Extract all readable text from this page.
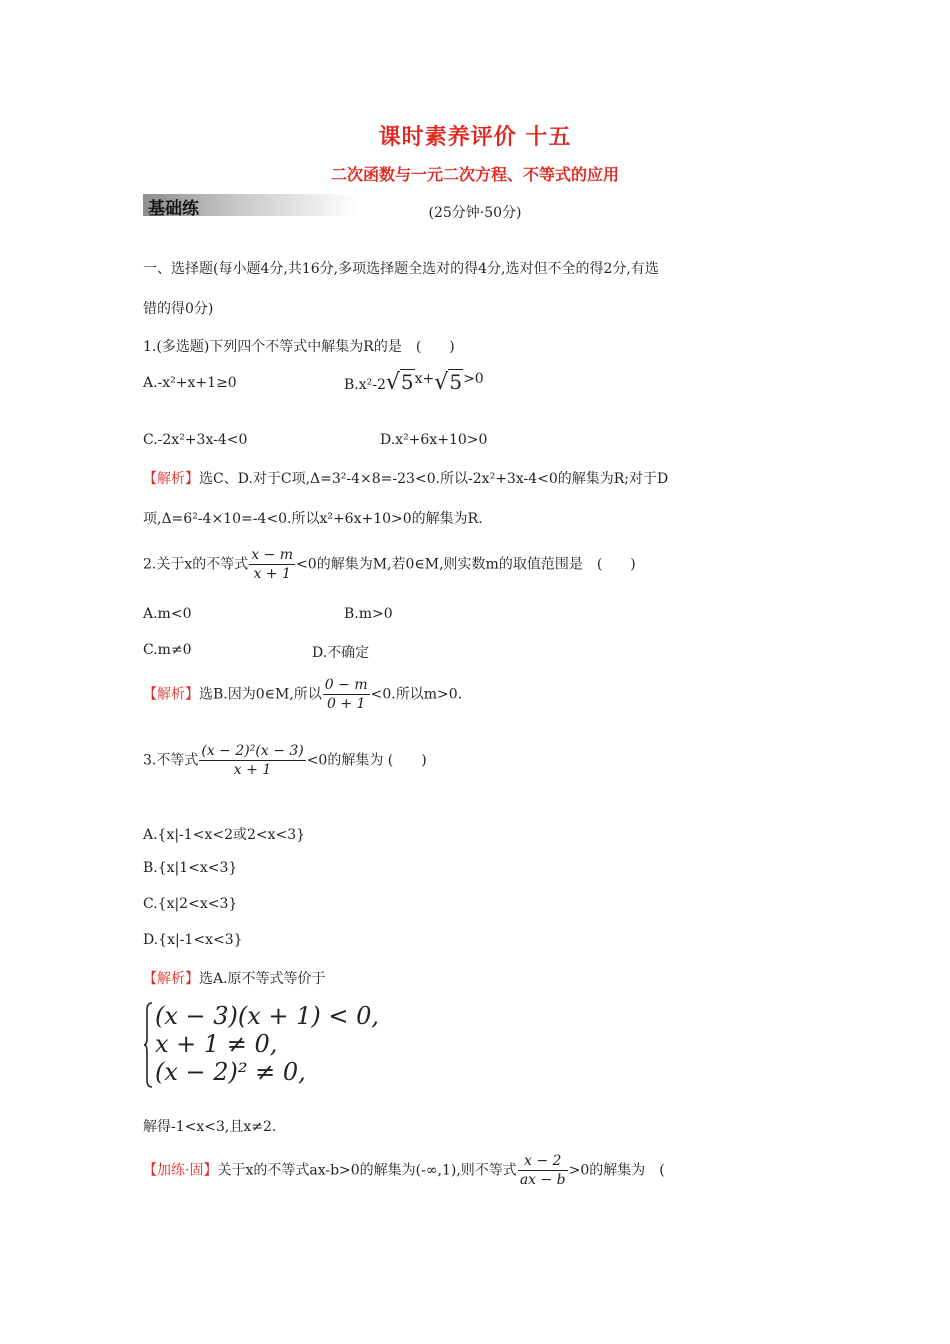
课时素养评价 十五
二次函数与一元二次方程、不等式的应用
基础练	(25分钟·50分)
一、选择题(每小题4分,共16分,多项选择题全选对的得4分,选对但不全的得2分,有选
错的得0分)
1.(多选题)下列四个不等式中解集为R的是　(　　)
A.-x²+x+1≥0	B.x²-2√5x+√5>0
C.-2x²+3x-4<0	D.x²+6x+10>0
【解析】选C、D.对于C项,Δ=3²-4×8=-23<0.所以-2x²+3x-4<0的解集为R;对于D
项,Δ=6²-4×10=-4<0.所以x²+6x+10>0的解集为R.
2.关于x的不等式 $\frac{x - m}{x + 1} <0$的解集为M,若0∈M,则实数m的取值范围是　(　　)
A.m<0	B.m>0
C.m≠0	D.不确定
【解析】选B.因为0∈M,所以 $\frac{0 - m}{0 + 1} <0$.所以m>0.
3.不等式 $\frac{\text{(x − 2)²(x − 3)}}{x + 1} <0$的解集为 (　　)
A.{x|-1<x<2或2<x<3}
B.{x|1<x<3}
C.{x|2<x<3}
D.{x|-1<x<3}
【解析】选A.原不等式等价于
(x − 3)(x + 1) < 0,
x + 1 ≠ 0,
(x − 2)² ≠ 0,
解得-1<x<3,且x≠2.
【加练·固】关于x的不等式ax-b>0的解集为(-∞,1),则不等式 $\frac{x - 2}{ax - b} >0$的解集为　(
